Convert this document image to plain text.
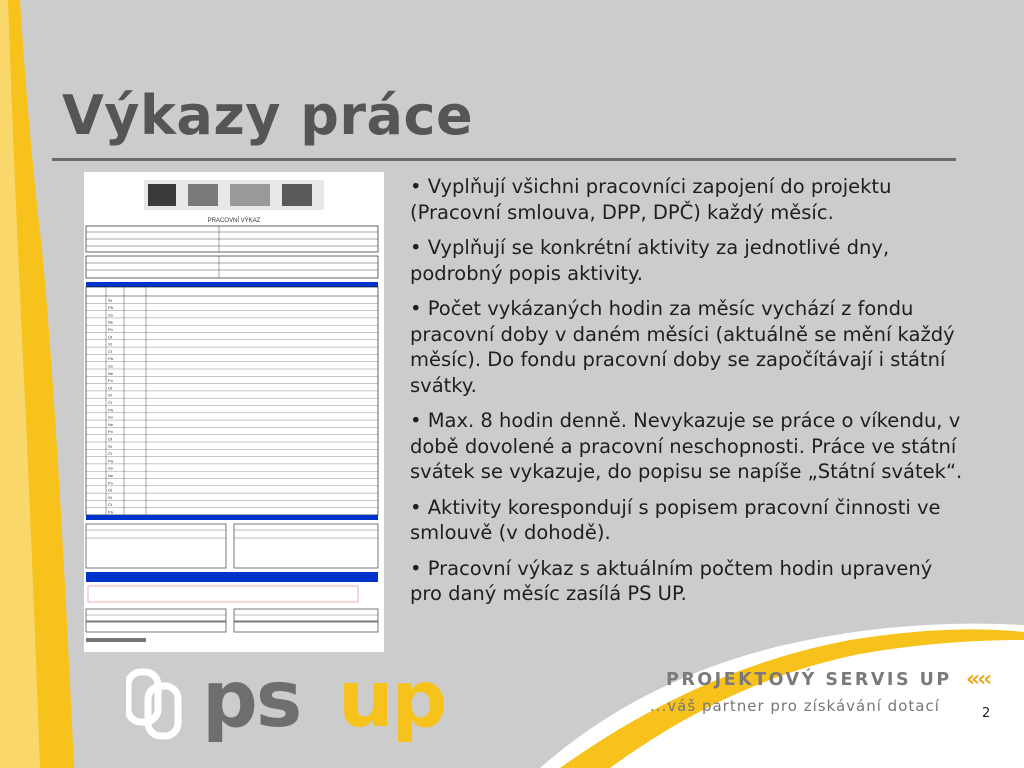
Výkazy práce
PRACOVNÍ VÝKAZ
Št
Pá
So
Ne
Po
Út
St
Čt
Pá
So
Ne
Po
Út
St
Čt
Pá
So
Ne
Po
Út
St
Čt
Pá
So
Ne
Po
Út
St
Čt
Pá
• Vyplňují všichni pracovníci zapojení do projektu (Pracovní smlouva, DPP, DPČ) každý měsíc.
• Vyplňují se konkrétní aktivity za jednotlivé dny, podrobný popis aktivity.
• Počet vykázaných hodin za měsíc vychází z fondu pracovní doby v daném měsíci (aktuálně se mění každý měsíc). Do fondu pracovní doby se započítávají i státní svátky.
• Max. 8 hodin denně. Nevykazuje se práce o víkendu, v době dovolené a pracovní neschopnosti. Práce ve státní svátek se vykazuje, do popisu se napíše „Státní svátek“.
• Aktivity korespondují s popisem pracovní činnosti ve smlouvě (v dohodě).
• Pracovní výkaz s aktuálním počtem hodin upravený pro daný měsíc zasílá PS UP.
ps up	PROJEKTOVÝ SERVIS UP «‹‹
...váš partner pro získávání dotací	2
